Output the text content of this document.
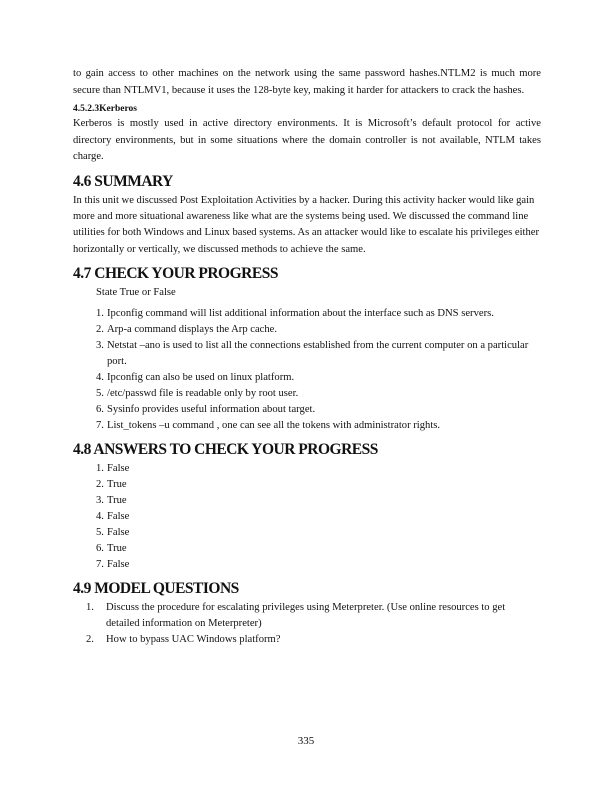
to gain access to other machines on the network using the same password hashes.NTLM2 is much more secure than NTLMV1, because it uses the 128-byte key, making it harder for attackers to crack the hashes.

4.5.2.3Kerberos

Kerberos is mostly used in active directory environments. It is Microsoft’s default protocol for active directory environments, but in some situations where the domain controller is not available, NTLM takes charge.

4.6 SUMMARY

In this unit we discussed Post Exploitation Activities by a hacker. During this activity hacker would like gain more and more situational awareness like what are the systems being used. We discussed the command line utilities for both Windows and Linux based systems. As an attacker would like to escalate his privileges either horizontally or vertically, we discussed methods to achieve the same.

4.7 CHECK YOUR PROGRESS

State True or False

1. Ipconfig command will list additional information about the interface such as DNS servers.
2. Arp-a command displays the Arp cache.
3. Netstat –ano is used to list all the connections established from the current computer on a particular port.
4. Ipconfig can also be used on linux platform.
5. /etc/passwd file is readable only by root user.
6. Sysinfo provides useful information about target.
7. List_tokens –u command , one can see all the tokens with administrator rights.
4.8 ANSWERS TO CHECK YOUR PROGRESS
1. False
2. True
3. True
4. False
5. False
6. True
7. False
4.9 MODEL QUESTIONS
1. Discuss the procedure for escalating privileges using Meterpreter. (Use online resources to get detailed information on Meterpreter)
2. How to bypass UAC Windows platform?
335
